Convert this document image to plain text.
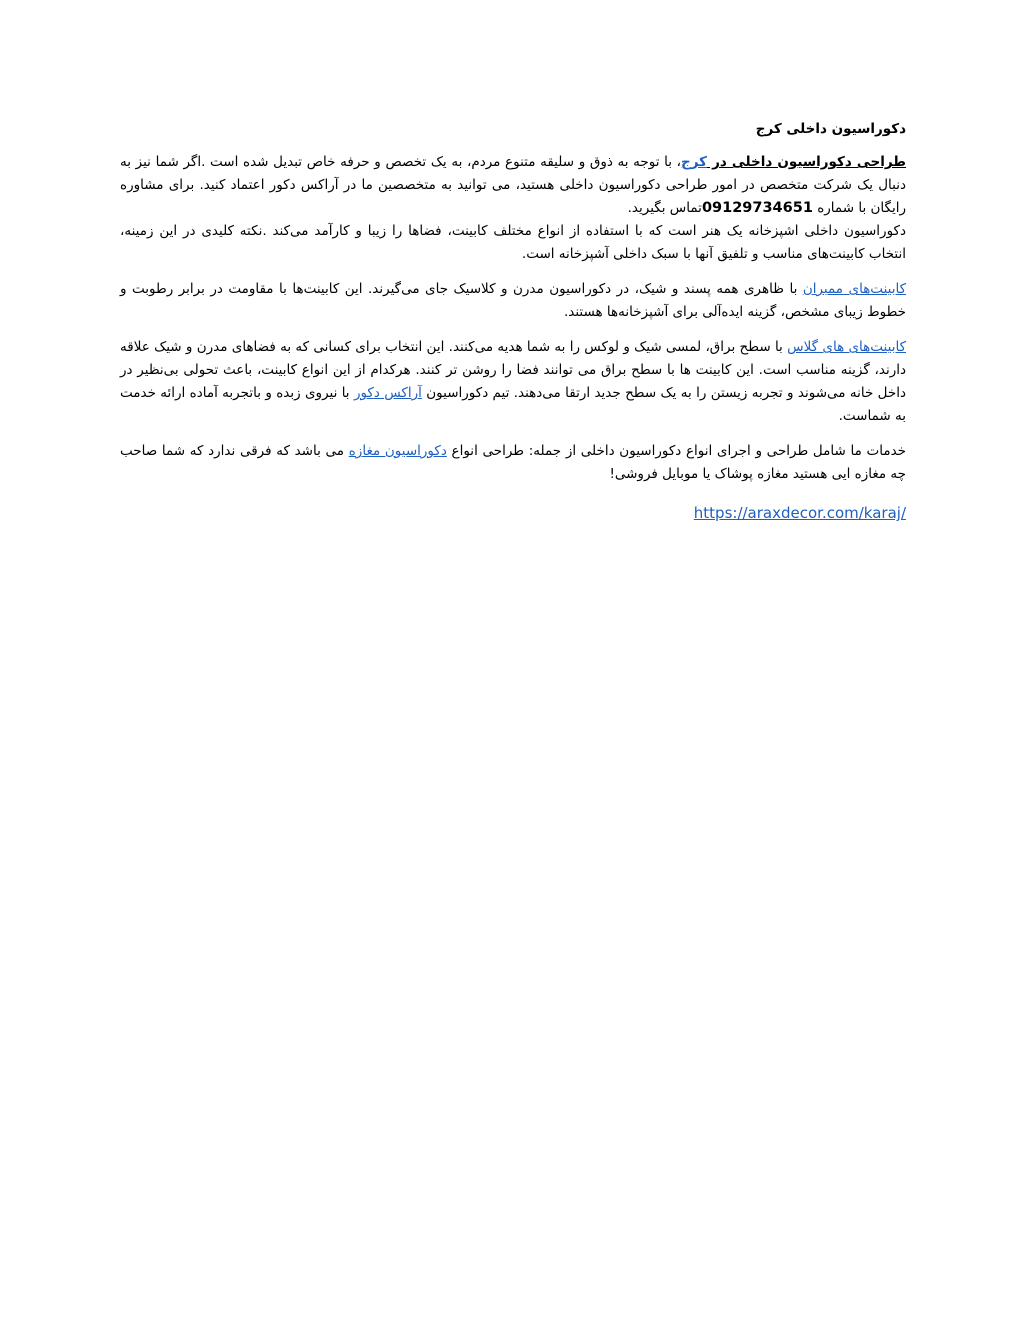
دکوراسیون داخلی کرج

طراحی دکوراسیون داخلی در کرج، با توجه به ذوق و سلیقه متنوع مردم، به یک تخصص و حرفه خاص تبدیل شده است .اگر شما نیز به دنبال یک شرکت متخصص در امور طراحی دکوراسیون داخلی هستید، می توانید به متخصصین ما در آراکس دکور اعتماد کنید. برای مشاوره رایگان با شماره 09129734651تماس بگیرید.

دکوراسیون داخلی اشپزخانه یک هنر است که با استفاده از انواع مختلف کابینت، فضاها را زیبا و کارآمد می‌کند .نکته کلیدی در این زمینه، انتخاب کابینت‌های مناسب و تلفیق آنها با سبک داخلی آشپزخانه است.

کابینت‌های ممبران با ظاهری همه پسند و شیک، در دکوراسیون مدرن و کلاسیک جای می‌گیرند. این کابینت‌ها با مقاومت در برابر رطوبت و خطوط زیبای مشخص، گزینه ایده‌آلی برای آشپزخانه‌ها هستند.

کابینت‌های های گلاس با سطح براق، لمسی شیک و لوکس را به شما هدیه می‌کنند. این انتخاب برای کسانی که به فضاهای مدرن و شیک علاقه دارند، گزینه مناسب است. این کابینت ها با سطح براق می توانند فضا را روشن تر کنند. هرکدام از این انواع کابینت، باعث تحولی بی‌نظیر در داخل خانه می‌شوند و تجربه زیستن را به یک سطح جدید ارتقا می‌دهند. تیم دکوراسیون آراکس دکور با نیروی زبده و باتجربه آماده ارائه خدمت به شماست.

خدمات ما شامل طراحی و اجرای انواع دکوراسیون داخلی از جمله: طراحی انواع دکوراسیون مغازه می باشد که فرقی ندارد که شما صاحب چه مغازه ایی هستید مغازه پوشاک یا موبایل فروشی!

https://araxdecor.com/karaj/
